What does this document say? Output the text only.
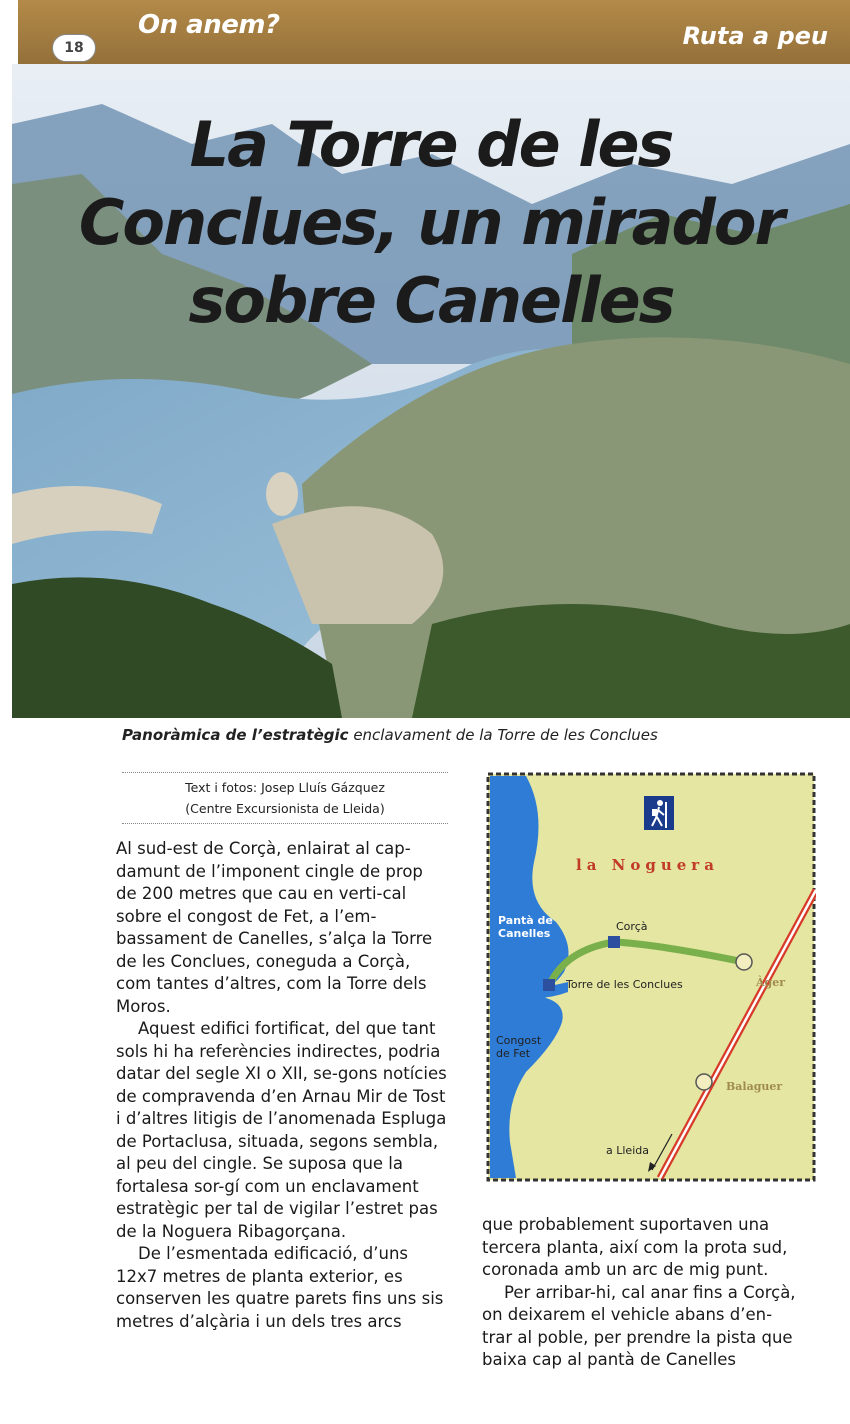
On anem?	Ruta a peu
18
La Torre de les
Conclues, un mirador
sobre Canelles
Panoràmica de l’estratègic enclavament de la Torre de les Conclues
Text i fotos: Josep Lluís Gázquez
(Centre Excursionista de Lleida)

Al sud-est de Corçà, enlairat al cap-damunt de l’imponent cingle de prop de 200 metres que cau en verti-cal sobre el congost de Fet, a l’em-bassament de Canelles, s’alça la Torre de les Conclues, coneguda a Corçà, com tantes d’altres, com la Torre dels Moros.

Aquest edifici fortificat, del que tant sols hi ha referències indirectes, podria datar del segle XI o XII, se-gons notícies de compravenda d’en Arnau Mir de Tost i d’altres litigis de l’anomenada Espluga de Portaclusa, situada, segons sembla, al peu del cingle. Se suposa que la fortalesa sor-gí com un enclavament estratègic per tal de vigilar l’estret pas de la Noguera Ribagorçana.

De l’esmentada edificació, d’uns 12x7 metres de planta exterior, es conserven les quatre parets fins uns sis metres d’alçària i un dels tres arcs

que probablement suportaven una tercera planta, així com la prota sud, coronada amb un arc de mig punt.

Per arribar-hi, cal anar fins a Corçà, on deixarem el vehicle abans d’en-trar al poble, per prendre la pista que baixa cap al pantà de Canelles

la Noguera
Pantà de
Canelles
Corçà
Torre de les Conclues	Àger
Congost
de Fet
Balaguer
a Lleida
